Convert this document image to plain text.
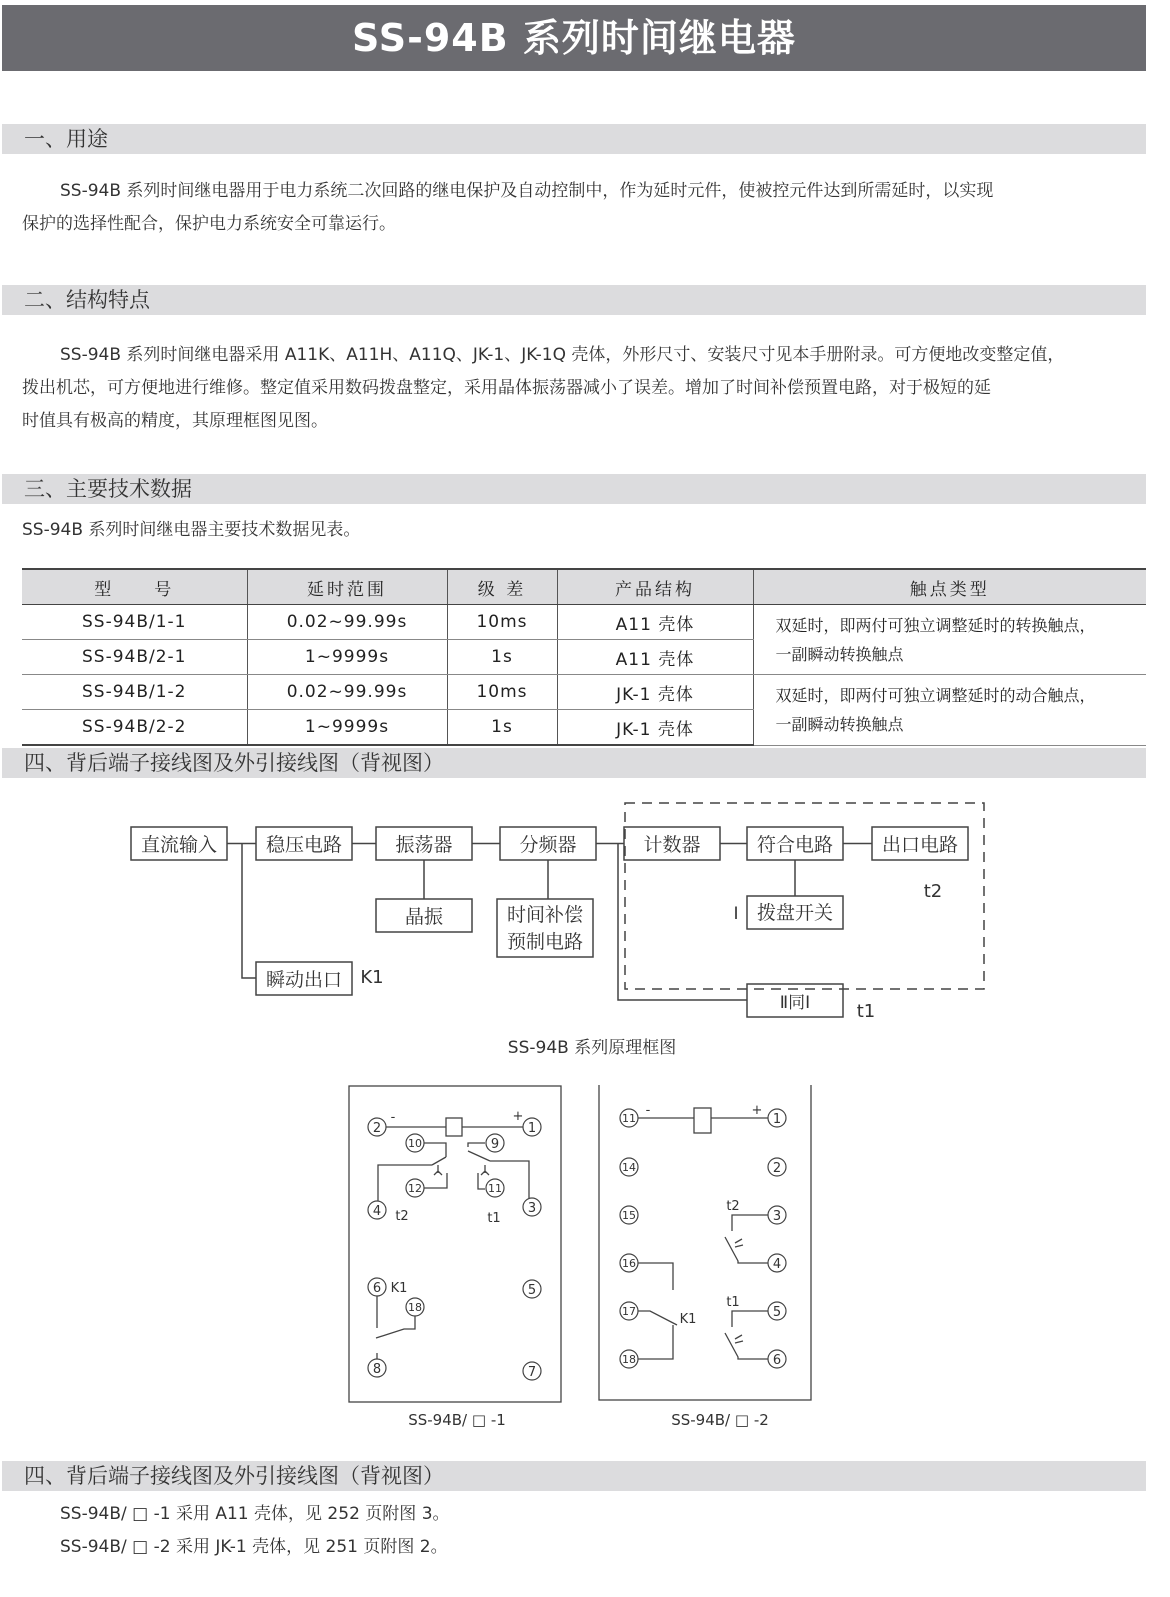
SS-94B 系列时间继电器
一、用途
SS-94B 系列时间继电器用于电力系统二次回路的继电保护及自动控制中，作为延时元件，使被控元件达到所需延时，以实现
保护的选择性配合，保护电力系统安全可靠运行。
二、结构特点
SS-94B 系列时间继电器采用 A11K、A11H、A11Q、JK-1、JK-1Q 壳体，外形尺寸、安装尺寸见本手册附录。可方便地改变整定值，
拨出机芯，可方便地进行维修。整定值采用数码拨盘整定，采用晶体振荡器减小了误差。增加了时间补偿预置电路，对于极短的延
时值具有极高的精度，其原理框图见图。
三、主要技术数据
SS-94B 系列时间继电器主要技术数据见表。
型　　号	延时范围	级 差	产品结构	触点类型
SS-94B/1-1	0.02~99.99s	10ms	A11 壳体	双延时，即两付可独立调整延时的转换触点，
一副瞬动转换触点

SS-94B/2-1	1~9999s	1s	A11 壳体	
SS-94B/1-2	0.02~99.99s	10ms	JK-1 壳体	双延时，即两付可独立调整延时的动合触点，
一副瞬动转换触点

SS-94B/2-2	1~9999s	1s	JK-1 壳体	
四、背后端子接线图及外引接线图（背视图）
直流输入	稳压电路	振荡器	分频器
晶振	时间补偿
预制电路
瞬动出口
计数器	符合电路	出口电路
拨盘开关
Ⅱ同Ⅰ
K1
t2
t1
Ⅰ
SS-94B 系列原理框图
1
2
3
4
5
6
7
8
9
10
11
12
18
-	+
t2	t1
K1
SS-94B/ □ -1
1
2
3
4
5
6
11
14
15
16
17
18
-	+
t2
t1
K1
SS-94B/ □ -2
四、背后端子接线图及外引接线图（背视图）
SS-94B/ □ -1 采用 A11 壳体，见 252 页附图 3。
SS-94B/ □ -2 采用 JK-1 壳体，见 251 页附图 2。
